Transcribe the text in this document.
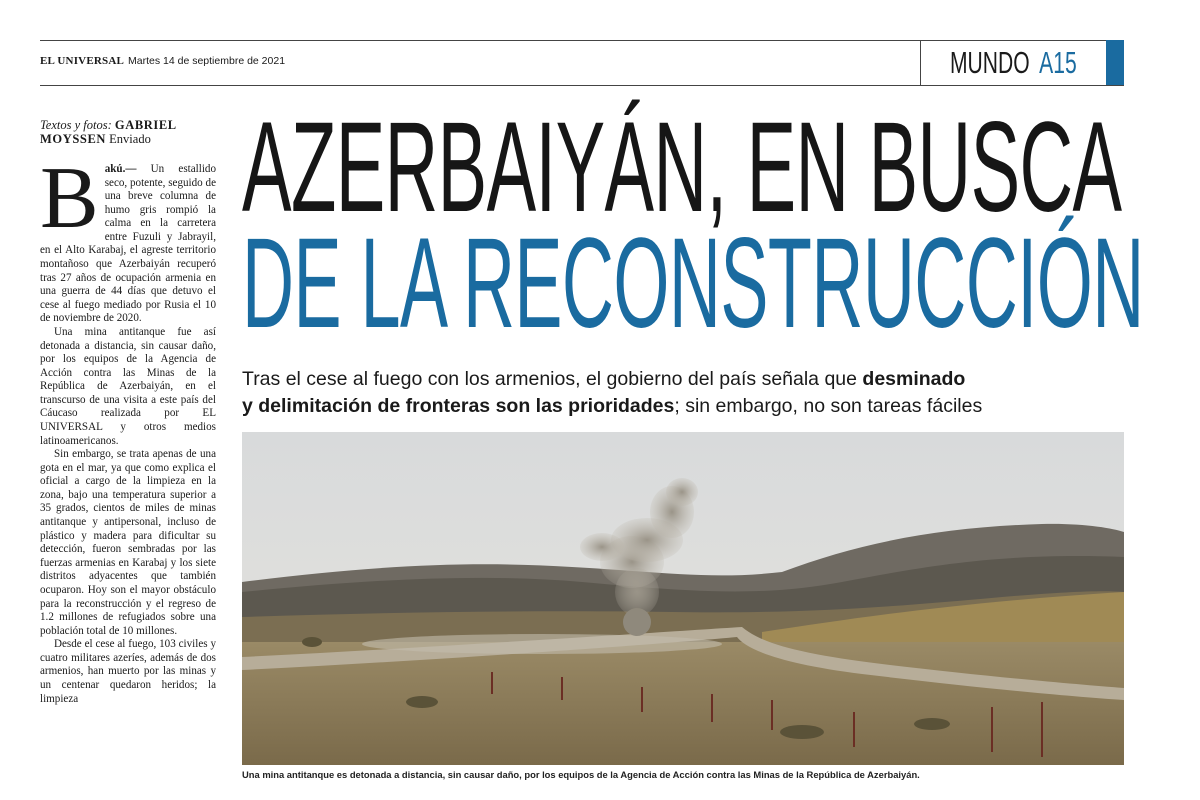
EL UNIVERSAL Martes 14 de septiembre de 2021	MUNDO A15
Textos y fotos: GABRIEL
MOYSSEN Enviado

Bakú.— Un estallido seco, potente, seguido de una breve columna de humo gris rompió la calma en la carretera entre Fuzuli y Jabrayil, en el Alto Karabaj, el agreste territorio montañoso que Azerbaiyán recuperó tras 27 años de ocupación armenia en una guerra de 44 días que detuvo el cese al fuego mediado por Rusia el 10 de noviembre de 2020.

Una mina antitanque fue así detonada a distancia, sin causar daño, por los equipos de la Agencia de Acción contra las Minas de la República de Azerbaiyán, en el transcurso de una visita a este país del Cáucaso realizada por EL UNIVERSAL y otros medios latinoamericanos.

Sin embargo, se trata apenas de una gota en el mar, ya que como explica el oficial a cargo de la limpieza en la zona, bajo una temperatura superior a 35 grados, cientos de miles de minas antitanque y antipersonal, incluso de plástico y madera para dificultar su detección, fueron sembradas por las fuerzas armenias en Karabaj y los siete distritos adyacentes que también ocuparon. Hoy son el mayor obstáculo para la reconstrucción y el regreso de 1.2 millones de refugiados sobre una población total de 10 millones.

Desde el cese al fuego, 103 civiles y cuatro militares azeríes, además de dos armenios, han muerto por las minas y un centenar quedaron heridos; la limpieza

AZERBAIYÁN, EN BUSCA
DE LA RECONSTRUCCIÓN
Tras el cese al fuego con los armenios, el gobierno del país señala que desminado
y delimitación de fronteras son las prioridades; sin embargo, no son tareas fáciles
Una mina antitanque es detonada a distancia, sin causar daño, por los equipos de la Agencia de Acción contra las Minas de la República de Azerbaiyán.
